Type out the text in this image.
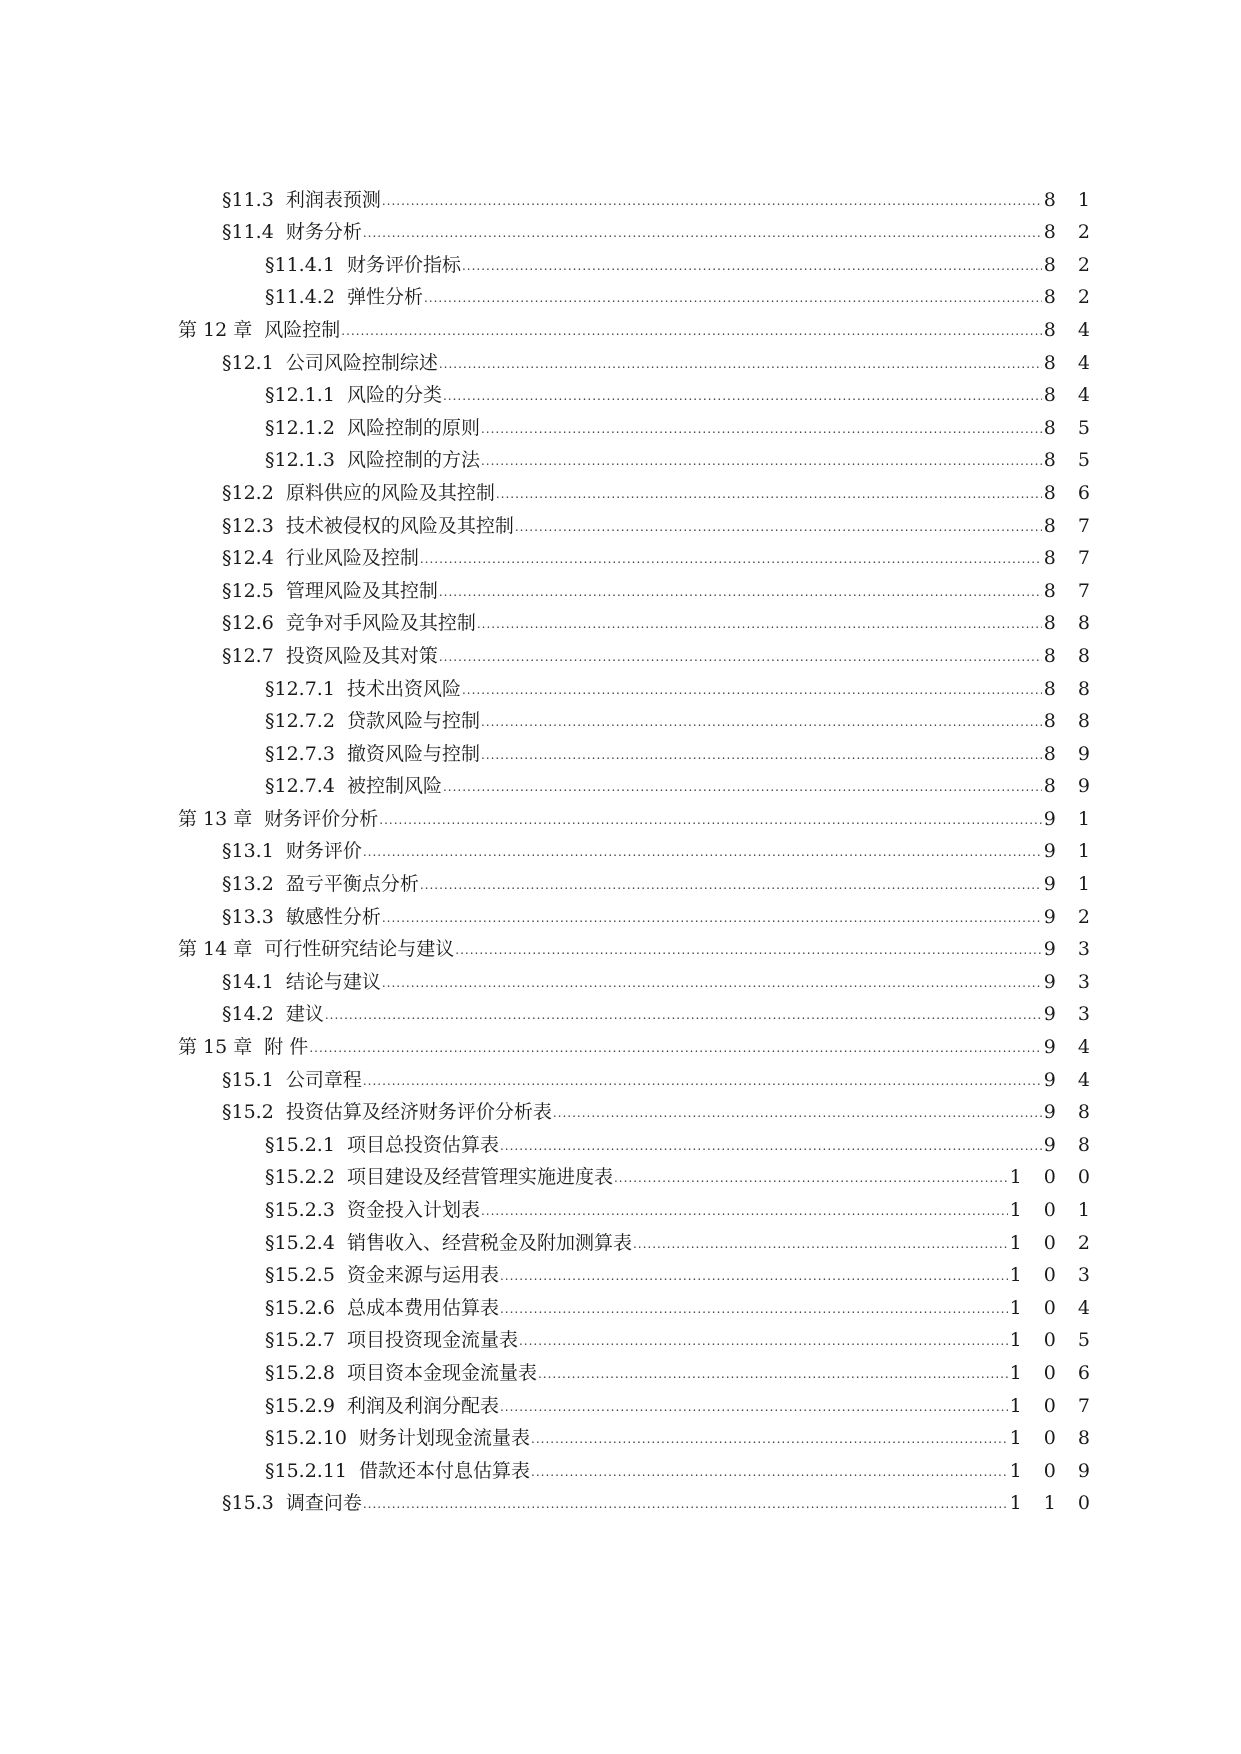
§11.3 利润表预测 .....	8 1
§11.4 财务分析 .....	8 2
§11.4.1 财务评价指标 .....	8 2
§11.4.2 弹性分析 .....	8 2
第 12 章 风险控制 .....	8 4
§12.1 公司风险控制综述 .....	8 4
§12.1.1 风险的分类 .....	8 4
§12.1.2 风险控制的原则 .....	8 5
§12.1.3 风险控制的方法 .....	8 5
§12.2 原料供应的风险及其控制 .....	8 6
§12.3 技术被侵权的风险及其控制 .....	8 7
§12.4 行业风险及控制 .....	8 7
§12.5 管理风险及其控制 .....	8 7
§12.6 竞争对手风险及其控制 .....	8 8
§12.7 投资风险及其对策 .....	8 8
§12.7.1 技术出资风险 .....	8 8
§12.7.2 贷款风险与控制 .....	8 8
§12.7.3 撤资风险与控制 .....	8 9
§12.7.4 被控制风险 .....	8 9
第 13 章 财务评价分析 .....	9 1
§13.1 财务评价 .....	9 1
§13.2 盈亏平衡点分析 .....	9 1
§13.3 敏感性分析 .....	9 2
第 14 章 可行性研究结论与建议 .....	9 3
§14.1 结论与建议 .....	9 3
§14.2 建议 .....	9 3
第 15 章 附 件 .....	9 4
§15.1 公司章程 .....	9 4
§15.2 投资估算及经济财务评价分析表 .....	9 8
§15.2.1 项目总投资估算表 .....	9 8
§15.2.2 项目建设及经营管理实施进度表 .....	1 0 0
§15.2.3 资金投入计划表 .....	1 0 1
§15.2.4 销售收入、经营税金及附加测算表 .....	1 0 2
§15.2.5 资金来源与运用表 .....	1 0 3
§15.2.6 总成本费用估算表 .....	1 0 4
§15.2.7 项目投资现金流量表 .....	1 0 5
§15.2.8 项目资本金现金流量表 .....	1 0 6
§15.2.9 利润及利润分配表 .....	1 0 7
§15.2.10 财务计划现金流量表 .....	1 0 8
§15.2.11 借款还本付息估算表 .....	1 0 9
§15.3 调查问卷 .....	1 1 0
